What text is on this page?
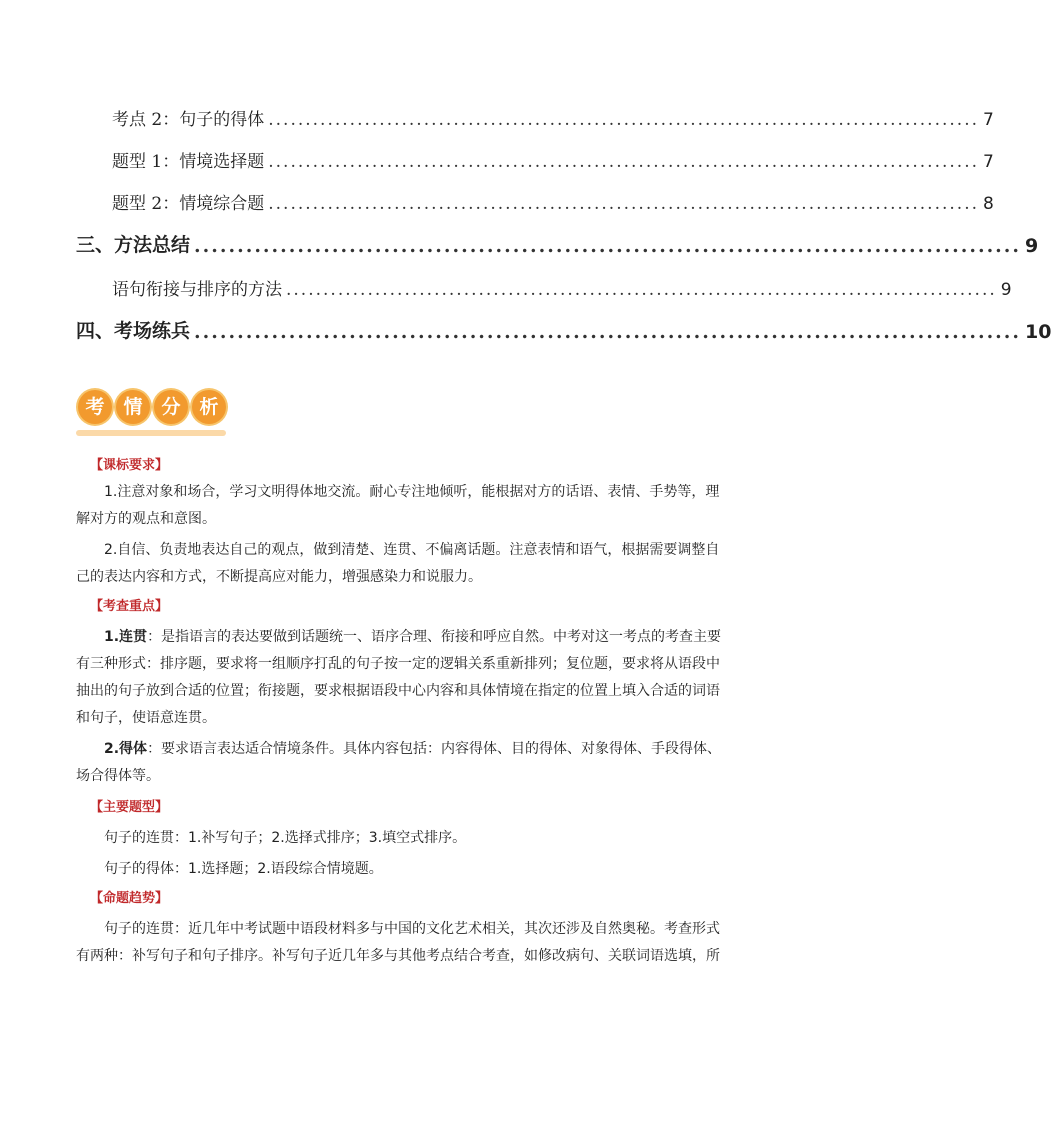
考点 2：句子的得体 ................................................................................................ 7
题型 1：情境选择题 ................................................................................................ 7
题型 2：情境综合题 ................................................................................................ 8
三、方法总结 ................................................................................................ 9
语句衔接与排序的方法 ................................................................................................ 9
四、考场练兵 ................................................................................................ 10
考 情 分 析
【课标要求】

1.注意对象和场合，学习文明得体地交流。耐心专注地倾听，能根据对方的话语、表情、手势等，理解对方的观点和意图。

2.自信、负责地表达自己的观点，做到清楚、连贯、不偏离话题。注意表情和语气，根据需要调整自己的表达内容和方式，不断提高应对能力，增强感染力和说服力。

【考查重点】

1.连贯：是指语言的表达要做到话题统一、语序合理、衔接和呼应自然。中考对这一考点的考查主要有三种形式：排序题，要求将一组顺序打乱的句子按一定的逻辑关系重新排列；复位题，要求将从语段中抽出的句子放到合适的位置；衔接题，要求根据语段中心内容和具体情境在指定的位置上填入合适的词语和句子，使语意连贯。

2.得体：要求语言表达适合情境条件。具体内容包括：内容得体、目的得体、对象得体、手段得体、场合得体等。

【主要题型】

句子的连贯：1.补写句子；2.选择式排序；3.填空式排序。

句子的得体：1.选择题；2.语段综合情境题。

【命题趋势】

句子的连贯：近几年中考试题中语段材料多与中国的文化艺术相关，其次还涉及自然奥秘。考查形式有两种：补写句子和句子排序。补写句子近几年多与其他考点结合考查，如修改病句、关联词语选填，所
